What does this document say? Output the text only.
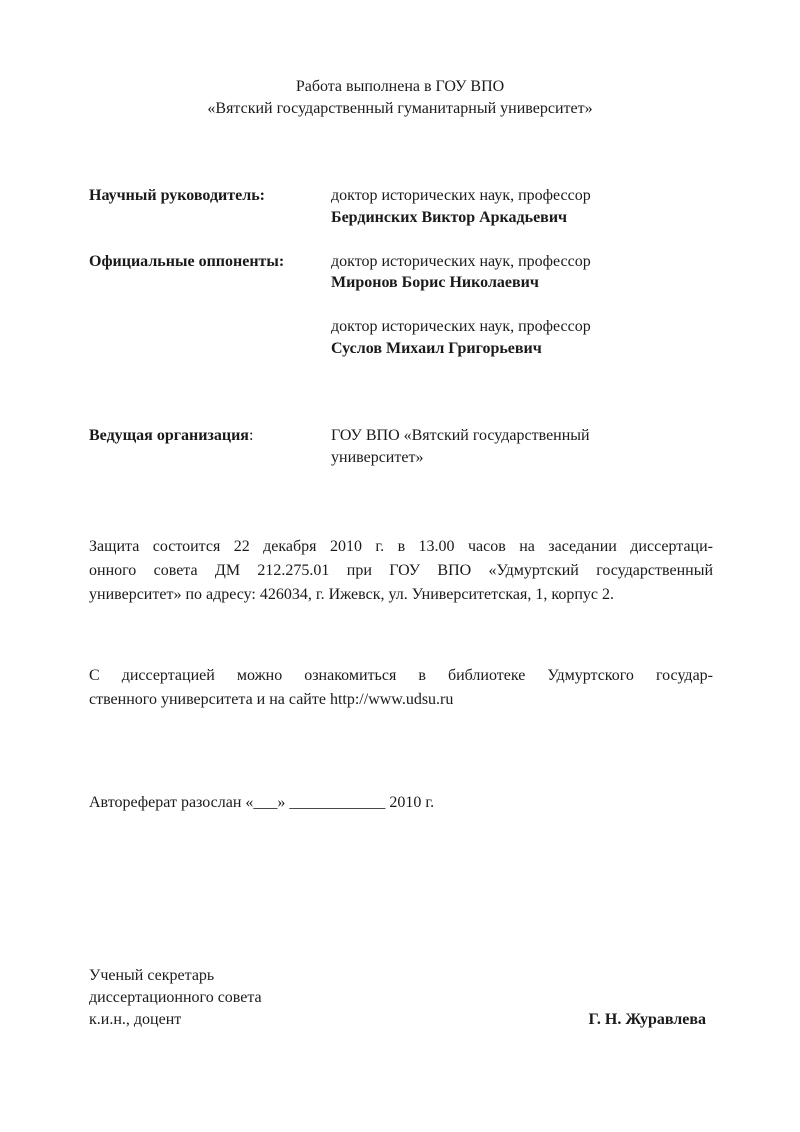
Работа выполнена в ГОУ ВПО
«Вятский государственный гуманитарный университет»
Научный руководитель:	доктор исторических наук, профессор
Бердинских Виктор Аркадьевич
Официальные оппоненты:	доктор исторических наук, профессор
Миронов Борис Николаевич
доктор исторических наук, профессор
Суслов Михаил Григорьевич
Ведущая организация:	ГОУ ВПО «Вятский государственный
университет»
Защита состоится 22 декабря 2010 г. в 13.00 часов на заседании диссертаци-
онного совета ДМ 212.275.01 при ГОУ ВПО «Удмуртский государственный
университет» по адресу: 426034, г. Ижевск, ул. Университетская, 1, корпус 2.
С диссертацией можно ознакомиться в библиотеке Удмуртского государ-
ственного университета и на сайте http://www.udsu.ru
Автореферат разослан «___» ____________ 2010 г.
Ученый секретарь
диссертационного совета
к.и.н., доцент	Г. Н. Журавлева
